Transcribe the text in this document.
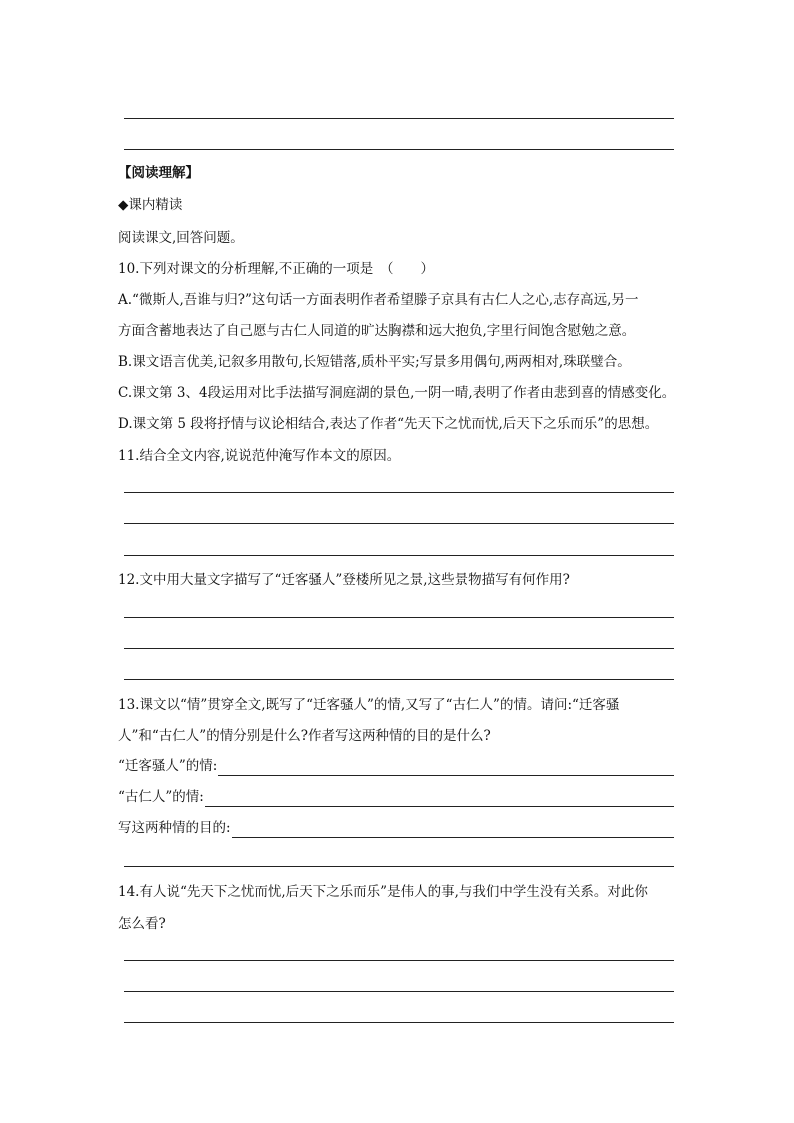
【阅读理解】
◆课内精读
阅读课文,回答问题。
10.下列对课文的分析理解,不正确的一项是　（　　）
A.“微斯人,吾谁与归?”这句话一方面表明作者希望滕子京具有古仁人之心,志存高远,另一
方面含蓄地表达了自己愿与古仁人同道的旷达胸襟和远大抱负,字里行间饱含慰勉之意。
B.课文语言优美,记叙多用散句,长短错落,质朴平实;写景多用偶句,两两相对,珠联璧合。
C.课文第 3、4段运用对比手法描写洞庭湖的景色,一阴一晴,表明了作者由悲到喜的情感变化。
D.课文第 5 段将抒情与议论相结合,表达了作者“先天下之忧而忧,后天下之乐而乐”的思想。
11.结合全文内容,说说范仲淹写作本文的原因。
12.文中用大量文字描写了“迁客骚人”登楼所见之景,这些景物描写有何作用?
13.课文以“情”贯穿全文,既写了“迁客骚人”的情,又写了“古仁人”的情。请问:“迁客骚
人”和“古仁人”的情分别是什么?作者写这两种情的目的是什么?
“迁客骚人”的情:
“古仁人”的情:
写这两种情的目的:
14.有人说“先天下之忧而忧,后天下之乐而乐”是伟人的事,与我们中学生没有关系。对此你
怎么看?
